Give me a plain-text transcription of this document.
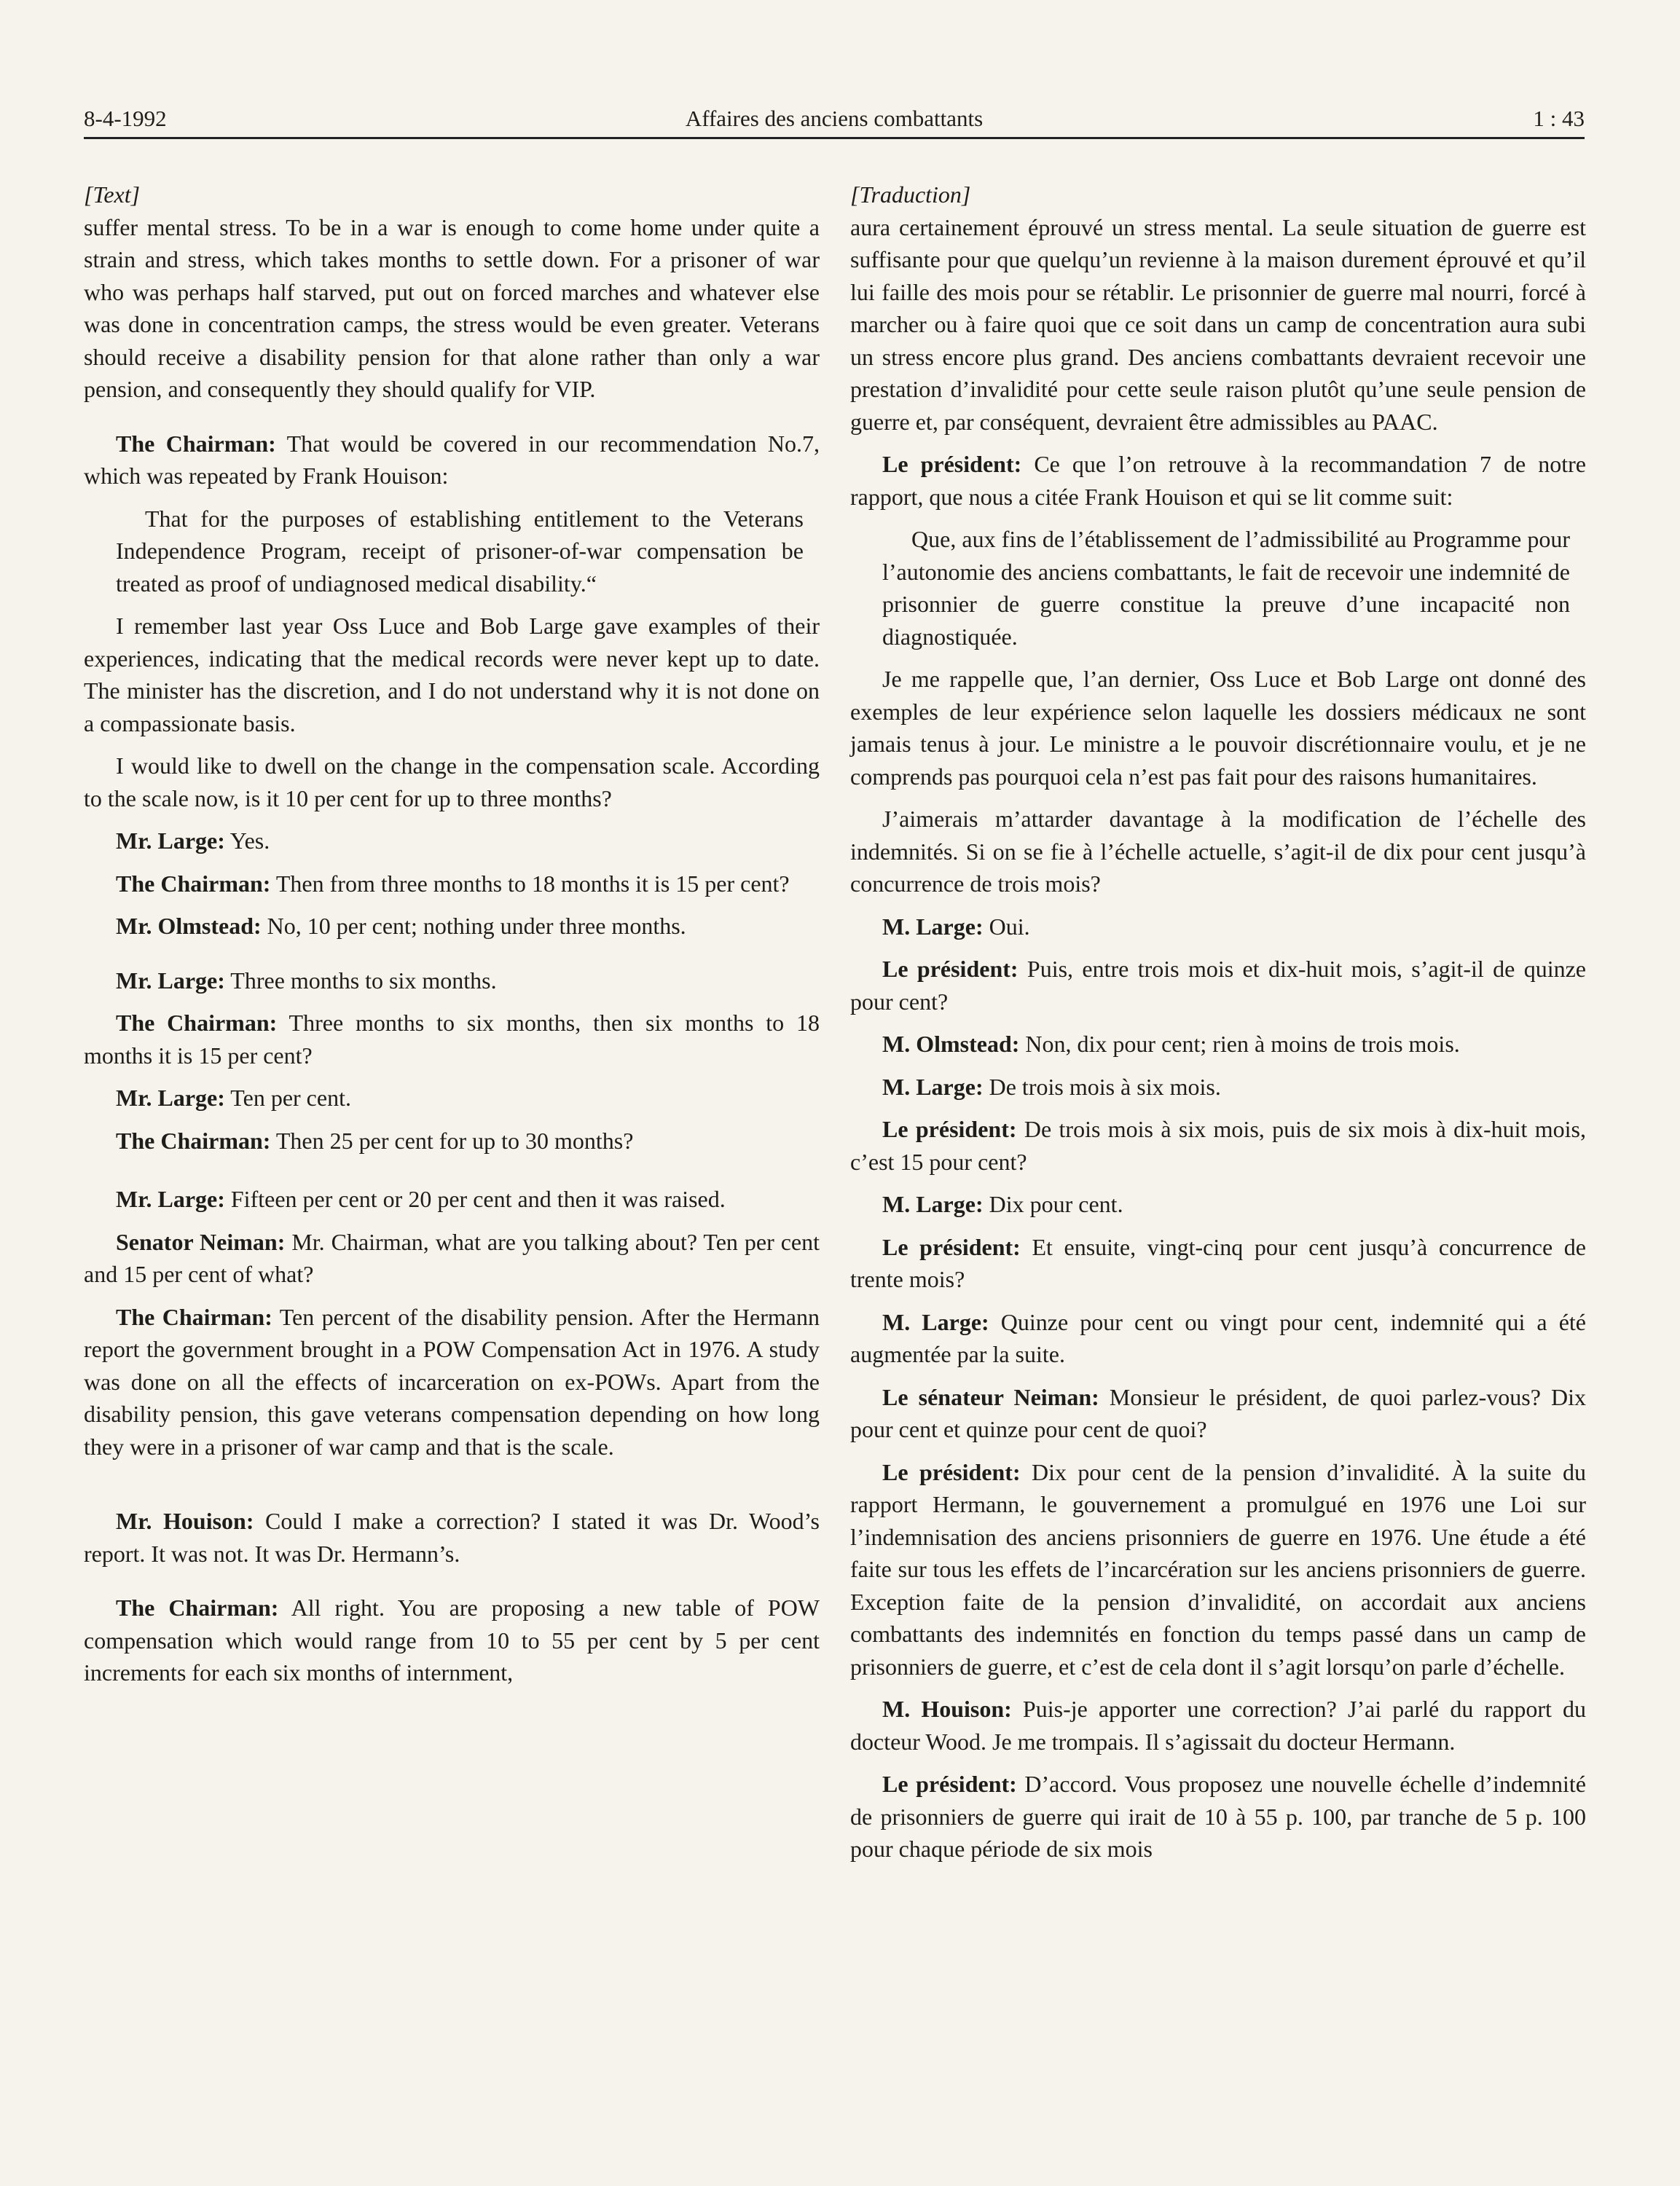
8-4-1992	Affaires des anciens combattants	1 : 43

[Text]

suffer mental stress. To be in a war is enough to come home under quite a strain and stress, which takes months to settle down. For a prisoner of war who was perhaps half starved, put out on forced marches and whatever else was done in concentration camps, the stress would be even greater. Veterans should receive a disability pension for that alone rather than only a war pension, and consequently they should qualify for VIP.

The Chairman: That would be covered in our recommendation No.7, which was repeated by Frank Houison:

That for the purposes of establishing entitlement to the Veterans Independence Program, receipt of prisoner-of-war compensation be treated as proof of undiagnosed medical disability.“

I remember last year Oss Luce and Bob Large gave examples of their experiences, indicating that the medical records were never kept up to date. The minister has the discretion, and I do not understand why it is not done on a compassionate basis.

I would like to dwell on the change in the compensation scale. According to the scale now, is it 10 per cent for up to three months?

Mr. Large: Yes.

The Chairman: Then from three months to 18 months it is 15 per cent?

Mr. Olmstead: No, 10 per cent; nothing under three months.

Mr. Large: Three months to six months.

The Chairman: Three months to six months, then six months to 18 months it is 15 per cent?

Mr. Large: Ten per cent.

The Chairman: Then 25 per cent for up to 30 months?

Mr. Large: Fifteen per cent or 20 per cent and then it was raised.

Senator Neiman: Mr. Chairman, what are you talking about? Ten per cent and 15 per cent of what?

The Chairman: Ten percent of the disability pension. After the Hermann report the government brought in a POW Compensation Act in 1976. A study was done on all the effects of incarceration on ex-POWs. Apart from the disability pension, this gave veterans compensation depending on how long they were in a prisoner of war camp and that is the scale.

Mr. Houison: Could I make a correction? I stated it was Dr. Wood’s report. It was not. It was Dr. Hermann’s.

The Chairman: All right. You are proposing a new table of POW compensation which would range from 10 to 55 per cent by 5 per cent increments for each six months of internment,

[Traduction]

aura certainement éprouvé un stress mental. La seule situation de guerre est suffisante pour que quelqu’un revienne à la maison durement éprouvé et qu’il lui faille des mois pour se rétablir. Le prisonnier de guerre mal nourri, forcé à marcher ou à faire quoi que ce soit dans un camp de concentration aura subi un stress encore plus grand. Des anciens combattants devraient recevoir une prestation d’invalidité pour cette seule raison plutôt qu’une seule pension de guerre et, par conséquent, devraient être admissibles au PAAC.

Le président: Ce que l’on retrouve à la recommandation 7 de notre rapport, que nous a citée Frank Houison et qui se lit comme suit:

Que, aux fins de l’établissement de l’admissibilité au Programme pour l’autonomie des anciens combattants, le fait de recevoir une indemnité de prisonnier de guerre constitue la preuve d’une incapacité non diagnostiquée.

Je me rappelle que, l’an dernier, Oss Luce et Bob Large ont donné des exemples de leur expérience selon laquelle les dossiers médicaux ne sont jamais tenus à jour. Le ministre a le pouvoir discrétionnaire voulu, et je ne comprends pas pourquoi cela n’est pas fait pour des raisons humanitaires.

J’aimerais m’attarder davantage à la modification de l’échelle des indemnités. Si on se fie à l’échelle actuelle, s’agit-il de dix pour cent jusqu’à concurrence de trois mois?

M. Large: Oui.

Le président: Puis, entre trois mois et dix-huit mois, s’agit-il de quinze pour cent?

M. Olmstead: Non, dix pour cent; rien à moins de trois mois.

M. Large: De trois mois à six mois.

Le président: De trois mois à six mois, puis de six mois à dix-huit mois, c’est 15 pour cent?

M. Large: Dix pour cent.

Le président: Et ensuite, vingt-cinq pour cent jusqu’à concurrence de trente mois?

M. Large: Quinze pour cent ou vingt pour cent, indemnité qui a été augmentée par la suite.

Le sénateur Neiman: Monsieur le président, de quoi parlez-vous? Dix pour cent et quinze pour cent de quoi?

Le président: Dix pour cent de la pension d’invalidité. À la suite du rapport Hermann, le gouvernement a promulgué en 1976 une Loi sur l’indemnisation des anciens prisonniers de guerre en 1976. Une étude a été faite sur tous les effets de l’incarcération sur les anciens prisonniers de guerre. Exception faite de la pension d’invalidité, on accordait aux anciens combattants des indemnités en fonction du temps passé dans un camp de prisonniers de guerre, et c’est de cela dont il s’agit lorsqu’on parle d’échelle.

M. Houison: Puis-je apporter une correction? J’ai parlé du rapport du docteur Wood. Je me trompais. Il s’agissait du docteur Hermann.

Le président: D’accord. Vous proposez une nouvelle échelle d’indemnité de prisonniers de guerre qui irait de 10 à 55 p. 100, par tranche de 5 p. 100 pour chaque période de six mois
